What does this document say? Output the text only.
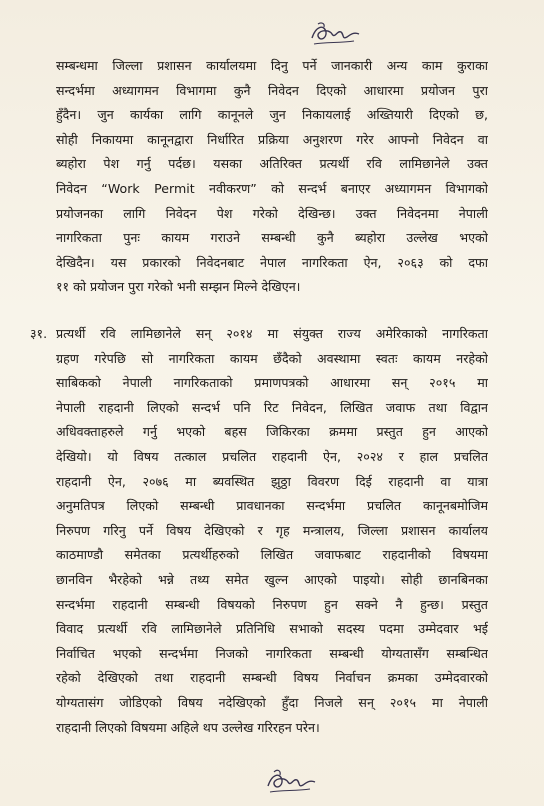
सम्बन्धमा जिल्ला प्रशासन कार्यालयमा दिनु पर्ने जानकारी अन्य काम कुराका
सन्दर्भमा अध्यागमन विभागमा कुनै निवेदन दिएको आधारमा प्रयोजन पुरा
हुँदैन। जुन कार्यका लागि कानूनले जुन निकायलाई अख्तियारी दिएको छ,
सोही निकायमा कानूनद्वारा निर्धारित प्रक्रिया अनुशरण गरेर आफ्नो निवेदन वा
ब्यहोरा पेश गर्नु पर्दछ। यसका अतिरिक्त प्रत्यर्थी रवि लामिछानेले उक्त
निवेदन “Work Permit नवीकरण” को सन्दर्भ बनाएर अध्यागमन विभागको
प्रयोजनका लागि निवेदन पेश गरेको देखिन्छ। उक्त निवेदनमा नेपाली
नागरिकता पुनः कायम गराउने सम्बन्धी कुनै ब्यहोरा उल्लेख भएको
देखिदैन। यस प्रकारको निवेदनबाट नेपाल नागरिकता ऐन, २०६३ को दफा
११ को प्रयोजन पुरा गरेको भनी सम्झन मिल्ने देखिएन।
३१. प्रत्यर्थी रवि लामिछानेले सन् २०१४ मा संयुक्त राज्य अमेरिकाको नागरिकता
ग्रहण गरेपछि सो नागरिकता कायम छँदैको अवस्थामा स्वतः कायम नरहेको
साबिकको नेपाली नागरिकताको प्रमाणपत्रको आधारमा सन् २०१५ मा
नेपाली राहदानी लिएको सन्दर्भ पनि रिट निवेदन, लिखित जवाफ तथा विद्वान
अधिवक्ताहरुले गर्नु भएको बहस जिकिरका क्रममा प्रस्तुत हुन आएको
देखियो। यो विषय तत्काल प्रचलित राहदानी ऐन, २०२४ र हाल प्रचलित
राहदानी ऐन, २०७६ मा ब्यवस्थित झुठ्ठा विवरण दिई राहदानी वा यात्रा
अनुमतिपत्र लिएको सम्बन्धी प्रावधानका सन्दर्भमा प्रचलित कानूनबमोजिम
निरुपण गरिनु पर्ने विषय देखिएको र गृह मन्त्रालय, जिल्ला प्रशासन कार्यालय
काठमाण्डौ समेतका प्रत्यर्थीहरुको लिखित जवाफबाट राहदानीको विषयमा
छानविन भैरहेको भन्ने तथ्य समेत खुल्न आएको पाइयो। सोही छानबिनका
सन्दर्भमा राहदानी सम्बन्धी विषयको निरुपण हुन सक्ने नै हुन्छ। प्रस्तुत
विवाद प्रत्यर्थी रवि लामिछानेले प्रतिनिधि सभाको सदस्य पदमा उम्मेदवार भई
निर्वाचित भएको सन्दर्भमा निजको नागरिकता सम्बन्धी योग्यतासँग सम्बन्धित
रहेको देखिएको तथा राहदानी सम्बन्धी विषय निर्वाचन क्रमका उम्मेदवारको
योग्यतासंग जोडिएको विषय नदेखिएको हुँदा निजले सन् २०१५ मा नेपाली
राहदानी लिएको विषयमा अहिले थप उल्लेख गरिरहन परेन।
